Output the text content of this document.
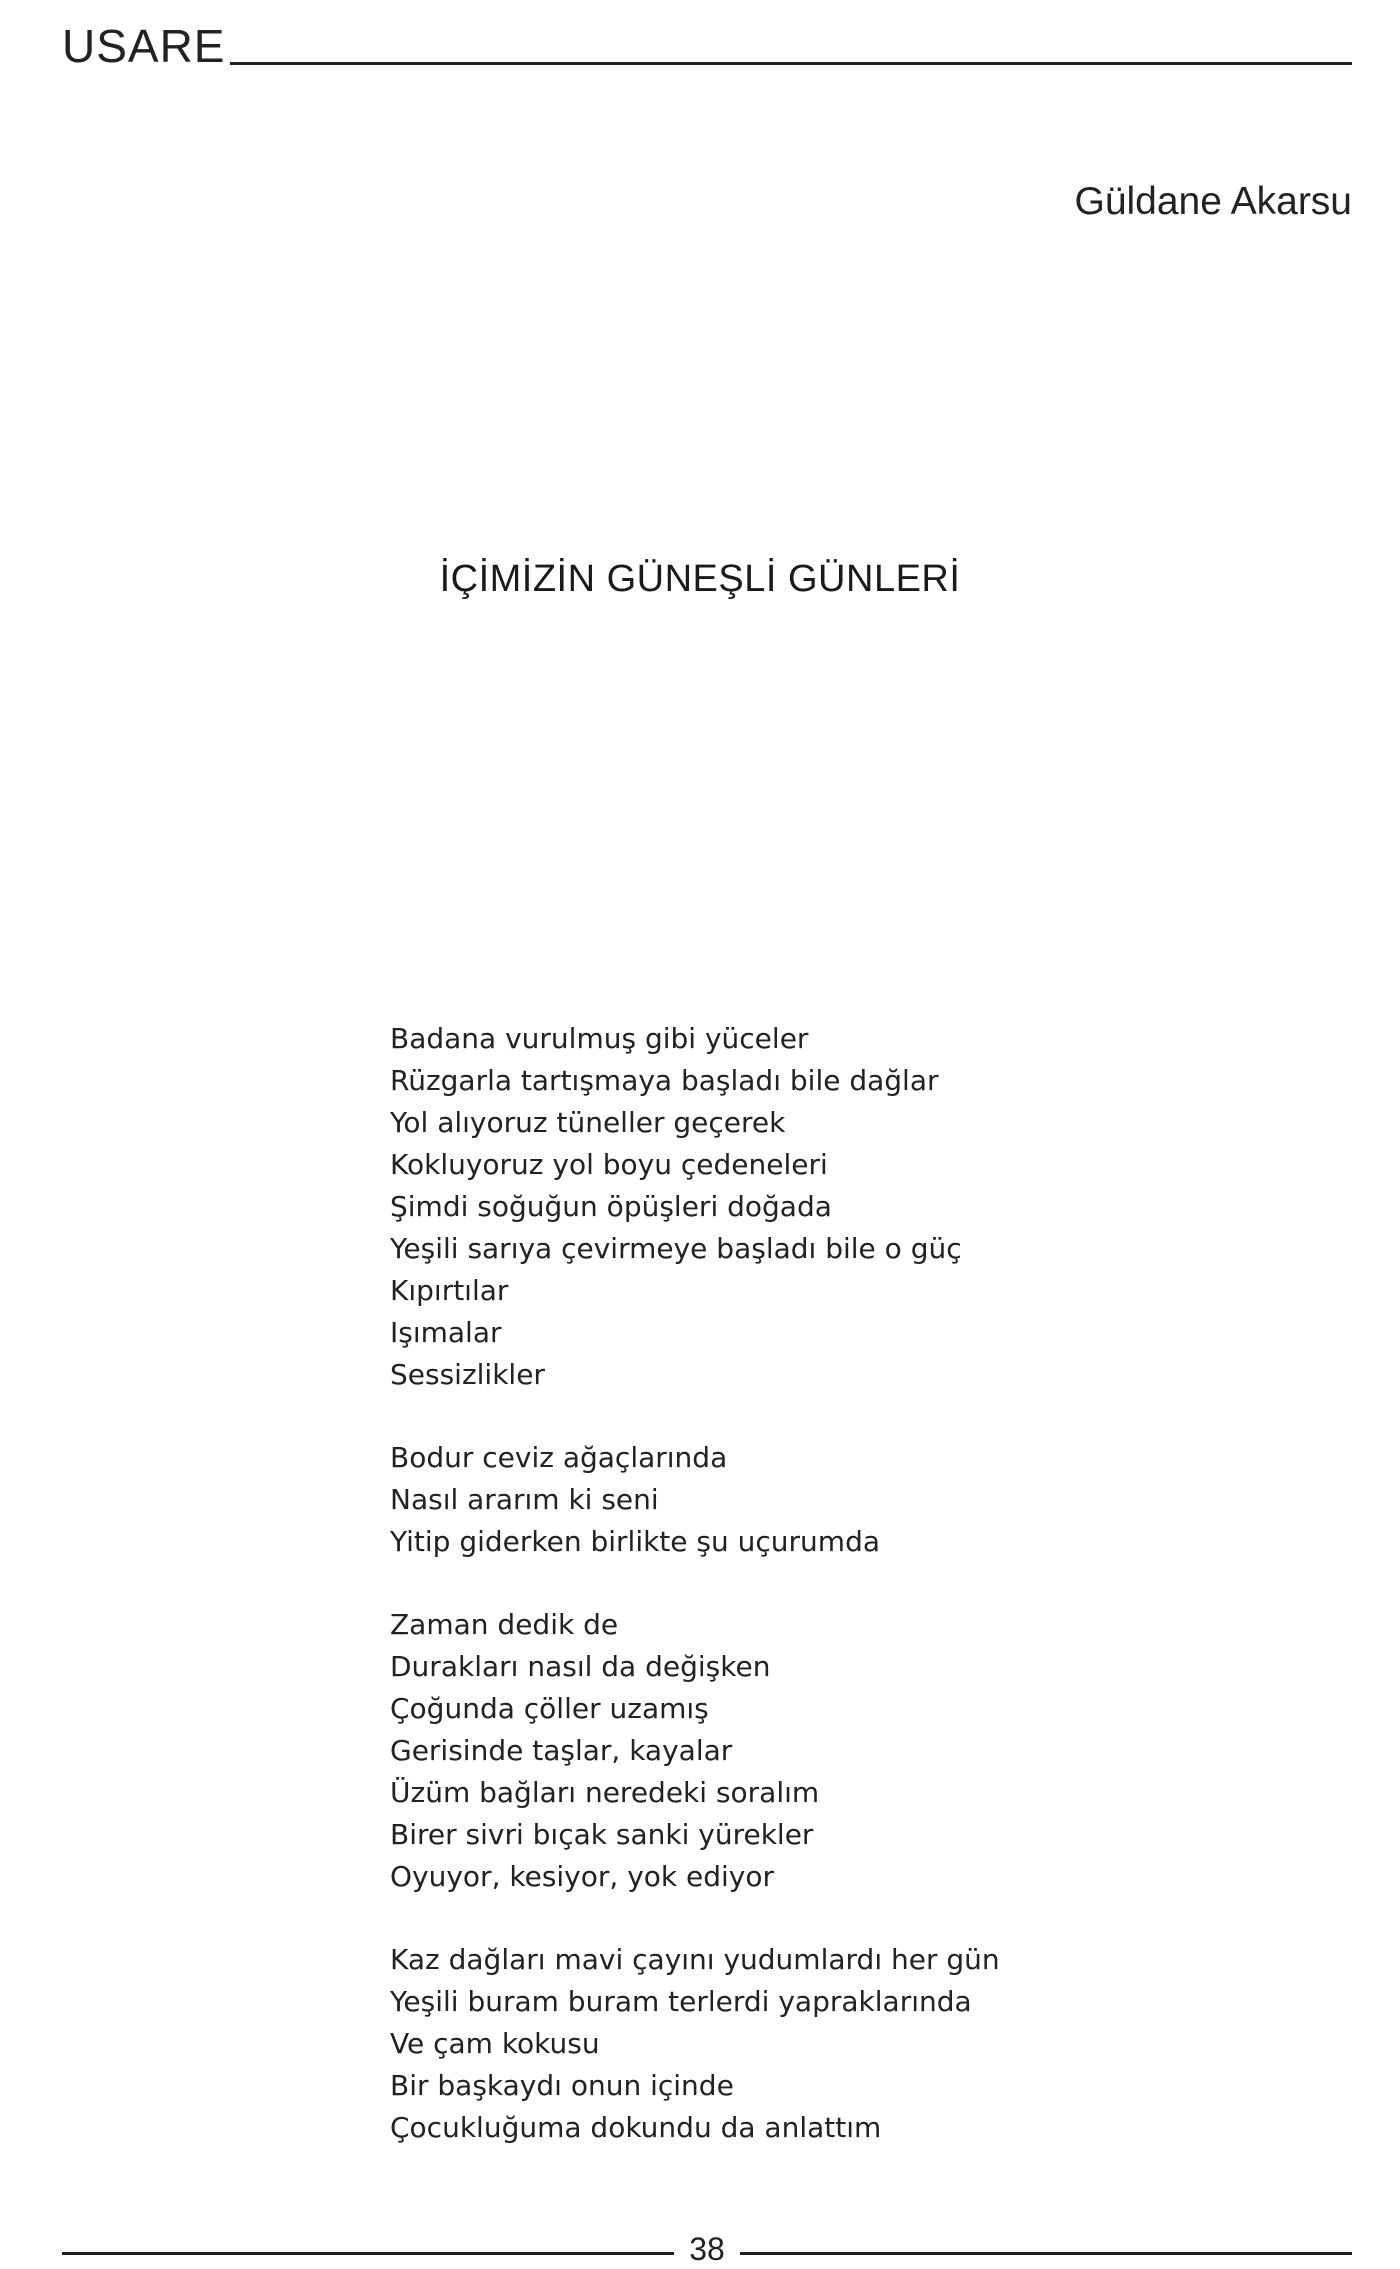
USARE
Güldane Akarsu
İÇİMİZİN GÜNEŞLİ GÜNLERİ
Badana vurulmuş gibi yüceler
Rüzgarla tartışmaya başladı bile dağlar
Yol alıyoruz tüneller geçerek
Kokluyoruz yol boyu çedeneleri
Şimdi soğuğun öpüşleri doğada
Yeşili sarıya çevirmeye başladı bile o güç
Kıpırtılar
Işımalar
Sessizlikler
Bodur ceviz ağaçlarında
Nasıl ararım ki seni
Yitip giderken birlikte şu uçurumda
Zaman dedik de
Durakları nasıl da değişken
Çoğunda çöller uzamış
Gerisinde taşlar, kayalar
Üzüm bağları neredeki soralım
Birer sivri bıçak sanki yürekler
Oyuyor, kesiyor, yok ediyor
Kaz dağları mavi çayını yudumlardı her gün
Yeşili buram buram terlerdi yapraklarında
Ve çam kokusu
Bir başkaydı onun içinde
Çocukluğuma dokundu da anlattım
38
